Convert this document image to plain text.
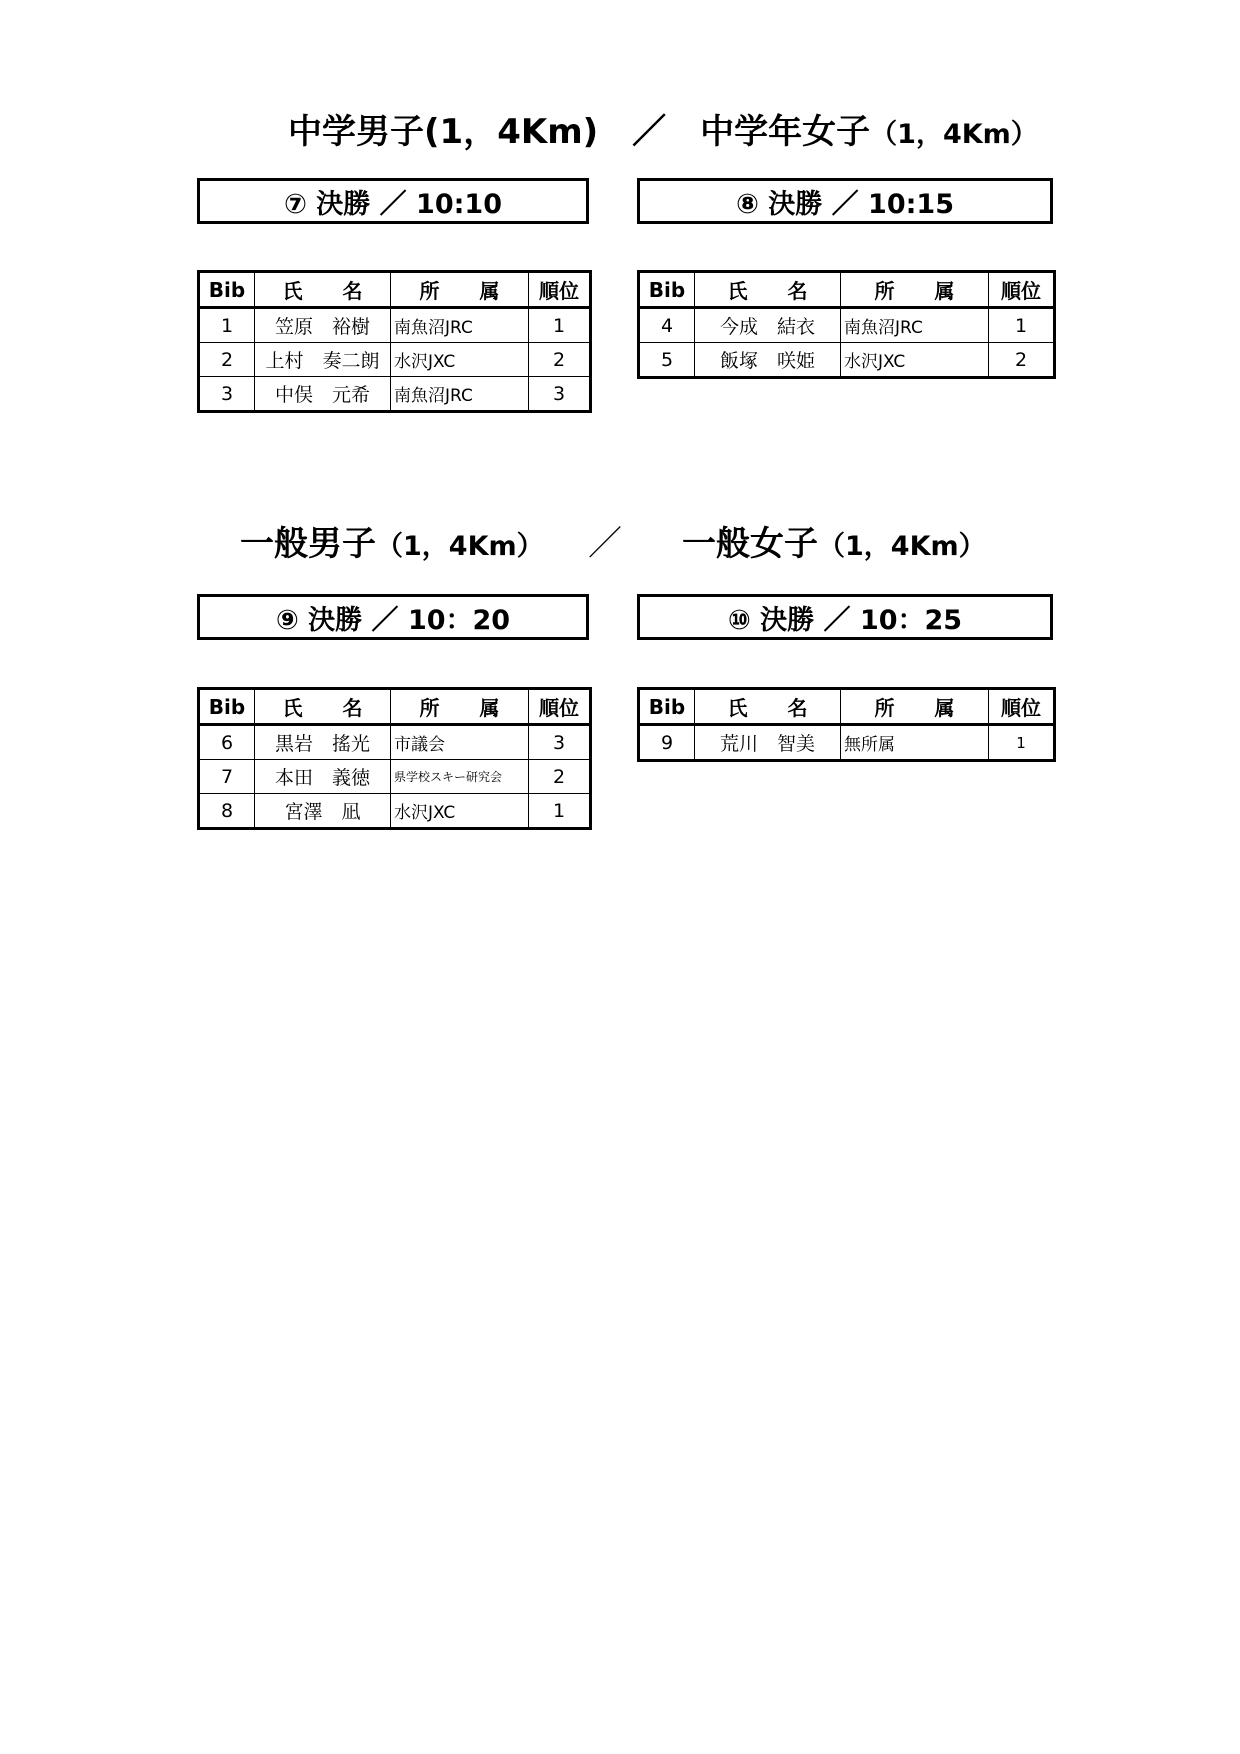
中学男子(1，4Km)　／　中学年女子（1，4Km）
⑦ 決勝 ／ 10:10
Bib	氏　　名	所　　属	順位
1	笠原　裕樹	南魚沼JRC	1
2	上村　奏二朗	水沢JXC	2
3	中俣　元希	南魚沼JRC	3
⑧ 決勝 ／ 10:15
Bib	氏　　名	所　　属	順位
4	今成　結衣	南魚沼JRC	1
5	飯塚　咲姫	水沢JXC	2
一般男子（1，4Km） ／ 一般女子（1，4Km）
⑨ 決勝 ／ 10：20
Bib	氏　　名	所　　属	順位
6	黒岩　搖光	市議会	3
7	本田　義徳	県学校スキー研究会	2
8	宮澤　凪	水沢JXC	1
⑩ 決勝 ／ 10：25
Bib	氏　　名	所　　属	順位
9	荒川　智美	無所属	1
